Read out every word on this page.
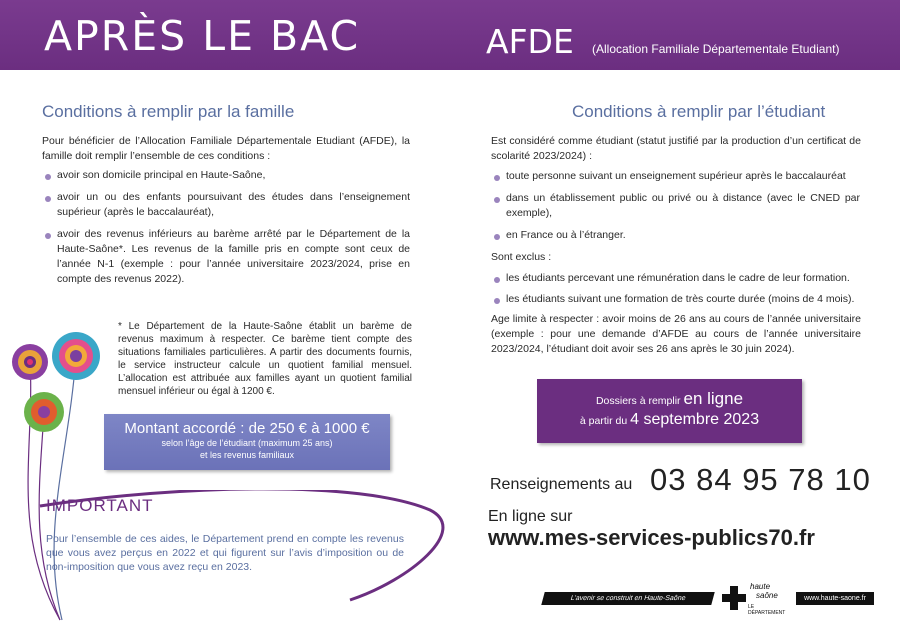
APRÈS LE BAC	AFDE (Allocation Familiale Départementale Etudiant)
Conditions à remplir par la famille
Pour bénéficier de l’Allocation Familiale Départementale Etudiant (AFDE), la famille doit remplir l’ensemble de ces conditions :
avoir son domicile principal en Haute-Saône,
avoir un ou des enfants poursuivant des études dans l’enseignement supérieur (après le baccalauréat),
avoir des revenus inférieurs au barème arrêté par le Département de la Haute-Saône*. Les revenus de la famille pris en compte sont ceux de l’année N-1 (exemple : pour l’année universitaire 2023/2024, prise en compte des revenus 2022).
* Le Département de la Haute-Saône établit un barème de revenus maximum à respecter. Ce barème tient compte des situations familiales particulières. A partir des documents fournis, le service instructeur calcule un quotient familial mensuel. L’allocation est attribuée aux familles ayant un quotient familial mensuel inférieur ou égal à 1200 €.
Montant accordé : de 250 € à 1000 €
selon l’âge de l’étudiant (maximum 25 ans)
et les revenus familiaux
IMPORTANT
Pour l’ensemble de ces aides, le Département prend en compte les revenus que vous avez perçus en 2022 et qui figurent sur l’avis d’imposition ou de non-imposition que vous avez reçu en 2023.
Conditions à remplir par l’étudiant
Est considéré comme étudiant (statut justifié par la production d’un certificat de scolarité 2023/2024) :
toute personne suivant un enseignement supérieur après le baccalauréat
dans un établissement public ou privé ou à distance (avec le CNED par exemple),
en France ou à l’étranger.
Sont exclus :
les étudiants percevant une rémunération dans le cadre de leur formation.
les étudiants suivant une formation de très courte durée (moins de 4 mois).
Age limite à respecter : avoir moins de 26 ans au cours de l’année universitaire (exemple : pour une demande d’AFDE au cours de l’année universitaire 2023/2024, l’étudiant doit avoir ses 26 ans après le 30 juin 2024).
Dossiers à remplir en ligne
à partir du 4 septembre 2023
Renseignements au 03 84 95 78 10
En ligne sur
www.mes-services-publics70.fr
L’avenir se construit en Haute-Saône
haute
saône
LE DÉPARTEMENT
www.haute-saone.fr
